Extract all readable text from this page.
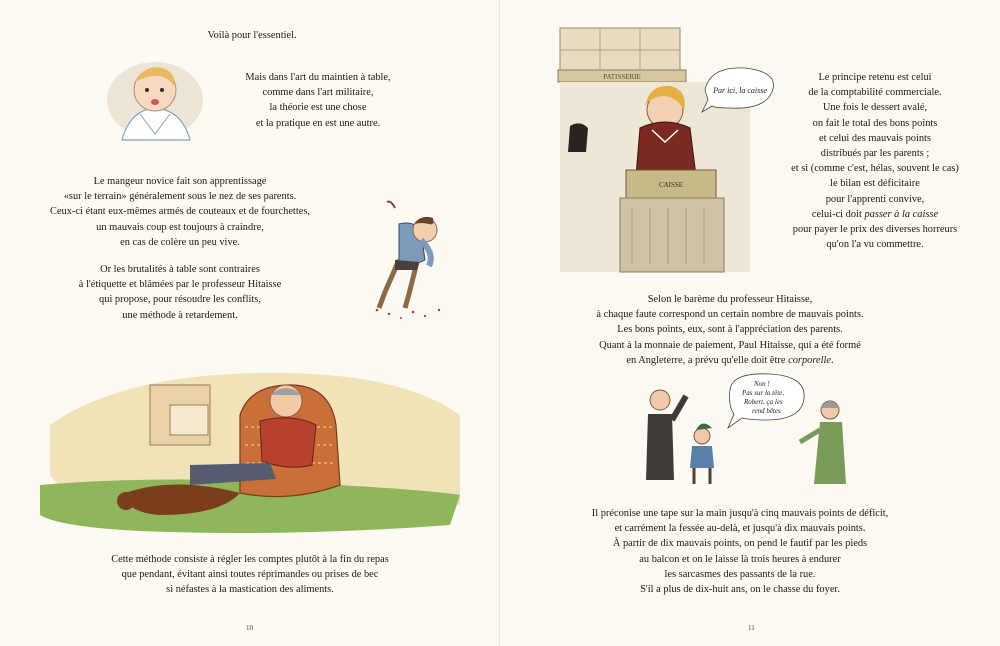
Voilà pour l'essentiel.
Mais dans l'art du maintien à table,
comme dans l'art militaire,
la théorie est une chose
et la pratique en est une autre.
Le mangeur novice fait son apprentissage
«sur le terrain» généralement sous le nez de ses parents.
Ceux-ci étant eux-mêmes armés de couteaux et de fourchettes,
un mauvais coup est toujours à craindre,
en cas de colère un peu vive.
Or les brutalités à table sont contraires
à l'étiquette et blâmées par le professeur Hitaisse
qui propose, pour résoudre les conflits,
une méthode à retardement.
Cette méthode consiste à régler les comptes plutôt à la fin du repas
que pendant, évitant ainsi toutes réprimandes ou prises de bec
si néfastes à la mastication des aliments.
10
PATISSERIE
CAISSE
Par ici, la caisse
Le principe retenu est celui
de la comptabilité commerciale.
Une fois le dessert avalé,
on fait le total des bons points
et celui des mauvais points
distribués par les parents ;
et si (comme c'est, hélas, souvent le cas)
le bilan est déficitaire
pour l'apprenti convive,
celui-ci doit passer à la caisse
pour payer le prix des diverses horreurs
qu'on l'a vu commettre.
Selon le barème du professeur Hitaisse,
à chaque faute correspond un certain nombre de mauvais points.
Les bons points, eux, sont à l'appréciation des parents.
Quant à la monnaie de paiement, Paul Hitaisse, qui a été formé
en Angleterre, a prévu qu'elle doit être corporelle.
Non !
Pas sur la tête,
Robert, ça les
rend bêtes
Il préconise une tape sur la main jusqu'à cinq mauvais points de déficit,
et carrément la fessée au-delà, et jusqu'à dix mauvais points.
À partir de dix mauvais points, on pend le fautif par les pieds
au balcon et on le laisse là trois heures à endurer
les sarcasmes des passants de la rue.
S'il a plus de dix-huit ans, on le chasse du foyer.
11
